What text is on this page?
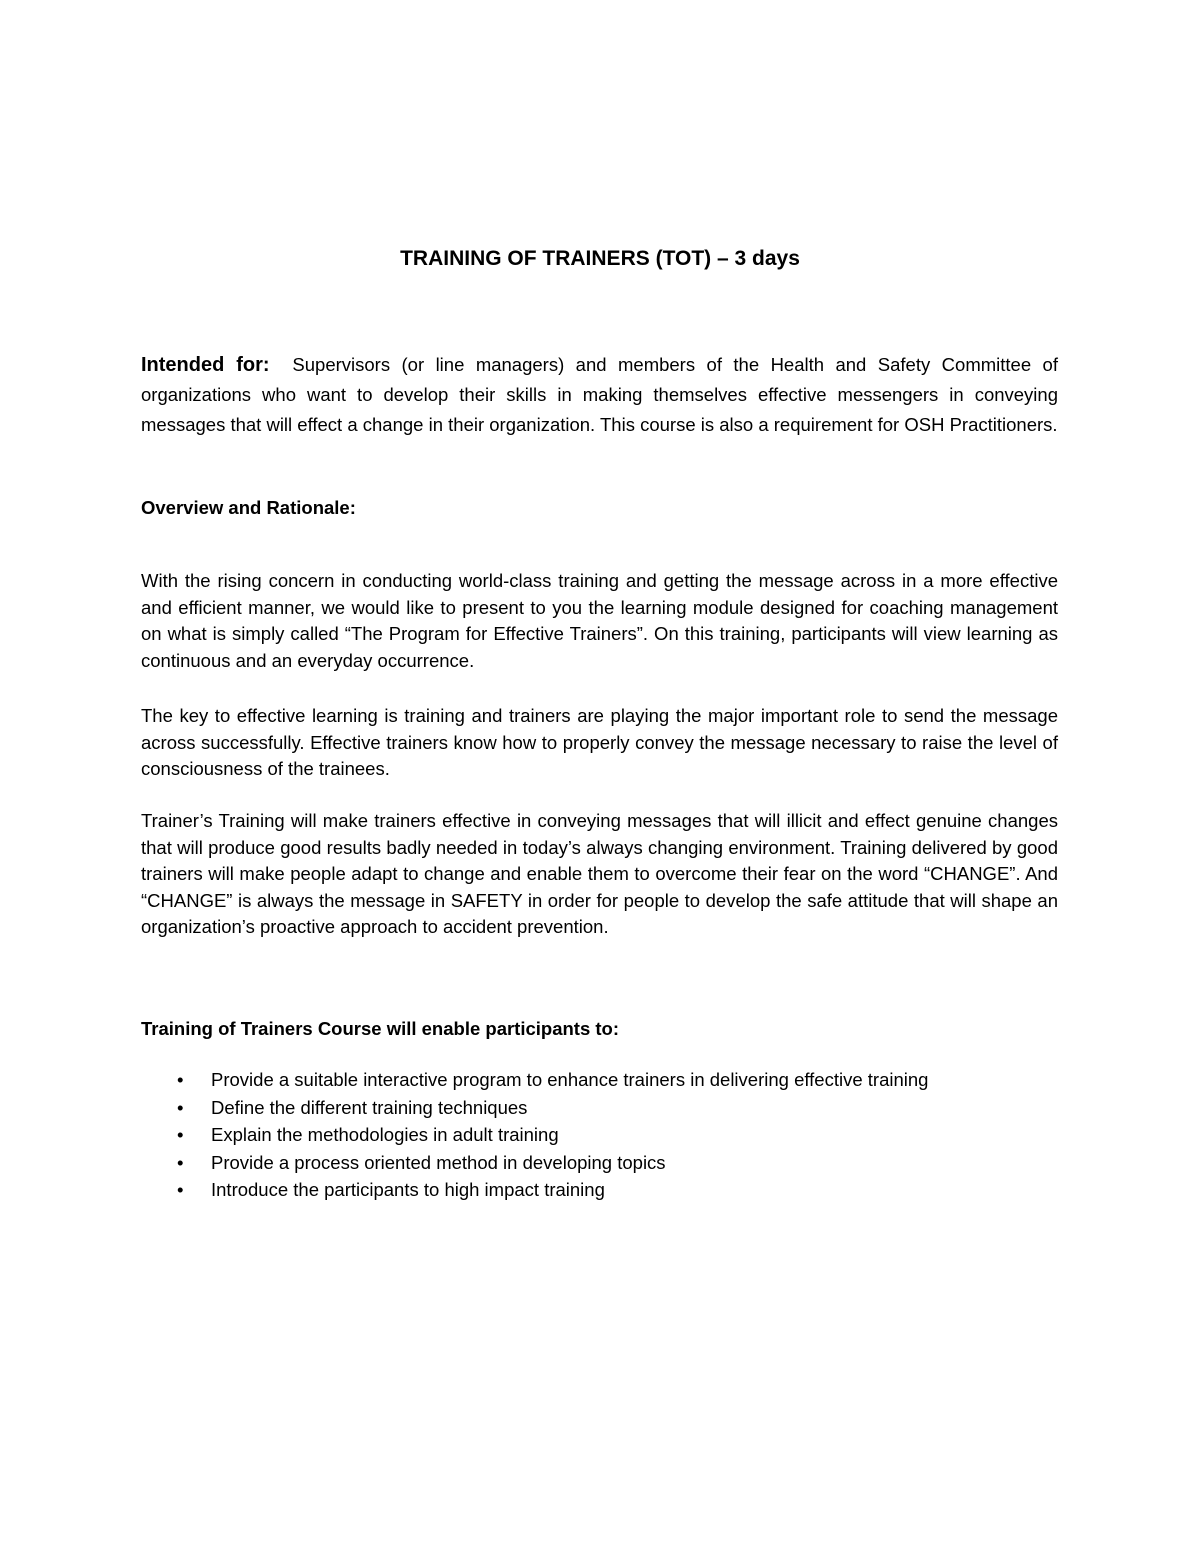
TRAINING OF TRAINERS (TOT) – 3 days
Intended for: Supervisors (or line managers) and members of the Health and Safety Committee of organizations who want to develop their skills in making themselves effective messengers in conveying messages that will effect a change in their organization. This course is also a requirement for OSH Practitioners.
Overview and Rationale:
With the rising concern in conducting world-class training and getting the message across in a more effective and efficient manner, we would like to present to you the learning module designed for coaching management on what is simply called “The Program for Effective Trainers”. On this training, participants will view learning as continuous and an everyday occurrence.
The key to effective learning is training and trainers are playing the major important role to send the message across successfully. Effective trainers know how to properly convey the message necessary to raise the level of consciousness of the trainees.
Trainer’s Training will make trainers effective in conveying messages that will illicit and effect genuine changes that will produce good results badly needed in today’s always changing environment. Training delivered by good trainers will make people adapt to change and enable them to overcome their fear on the word “CHANGE”. And “CHANGE” is always the message in SAFETY in order for people to develop the safe attitude that will shape an organization’s proactive approach to accident prevention.
Training of Trainers Course will enable participants to:
• Provide a suitable interactive program to enhance trainers in delivering effective training
• Define the different training techniques
• Explain the methodologies in adult training
• Provide a process oriented method in developing topics
• Introduce the participants to high impact training
